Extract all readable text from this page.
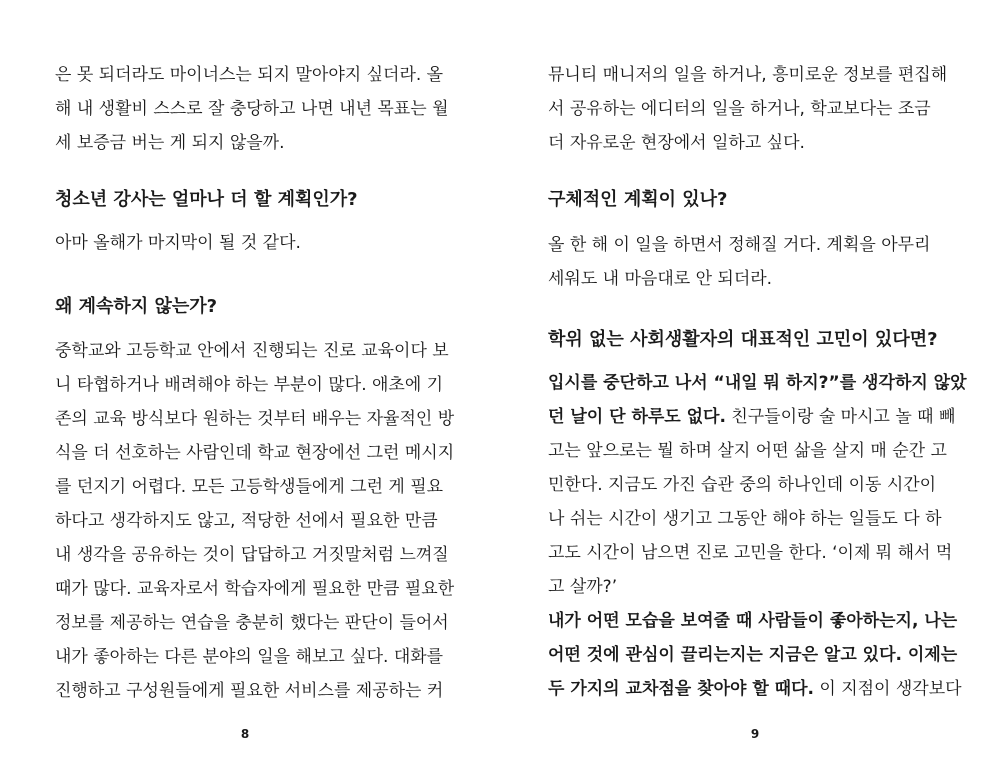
은 못 되더라도 마이너스는 되지 말아야지 싶더라. 올
해 내 생활비 스스로 잘 충당하고 나면 내년 목표는 월
세 보증금 버는 게 되지 않을까.
청소년 강사는 얼마나 더 할 계획인가?
아마 올해가 마지막이 될 것 같다.
왜 계속하지 않는가?
중학교와 고등학교 안에서 진행되는 진로 교육이다 보
니 타협하거나 배려해야 하는 부분이 많다. 애초에 기
존의 교육 방식보다 원하는 것부터 배우는 자율적인 방
식을 더 선호하는 사람인데 학교 현장에선 그런 메시지
를 던지기 어렵다. 모든 고등학생들에게 그런 게 필요
하다고 생각하지도 않고, 적당한 선에서 필요한 만큼
내 생각을 공유하는 것이 답답하고 거짓말처럼 느껴질
때가 많다. 교육자로서 학습자에게 필요한 만큼 필요한
정보를 제공하는 연습을 충분히 했다는 판단이 들어서
내가 좋아하는 다른 분야의 일을 해보고 싶다. 대화를
진행하고 구성원들에게 필요한 서비스를 제공하는 커
8
뮤니티 매니저의 일을 하거나, 흥미로운 정보를 편집해
서 공유하는 에디터의 일을 하거나, 학교보다는 조금
더 자유로운 현장에서 일하고 싶다.
구체적인 계획이 있나?
올 한 해 이 일을 하면서 정해질 거다. 계획을 아무리
세워도 내 마음대로 안 되더라.
학위 없는 사회생활자의 대표적인 고민이 있다면?
입시를 중단하고 나서 “내일 뭐 하지?”를 생각하지 않았
던 날이 단 하루도 없다. 친구들이랑 술 마시고 놀 때 빼
고는 앞으로는 뭘 하며 살지 어떤 삶을 살지 매 순간 고
민한다. 지금도 가진 습관 중의 하나인데 이동 시간이
나 쉬는 시간이 생기고 그동안 해야 하는 일들도 다 하
고도 시간이 남으면 진로 고민을 한다. ‘이제 뭐 해서 먹
고 살까?’
내가 어떤 모습을 보여줄 때 사람들이 좋아하는지, 나는
어떤 것에 관심이 끌리는지는 지금은 알고 있다. 이제는
두 가지의 교차점을 찾아야 할 때다. 이 지점이 생각보다
9
